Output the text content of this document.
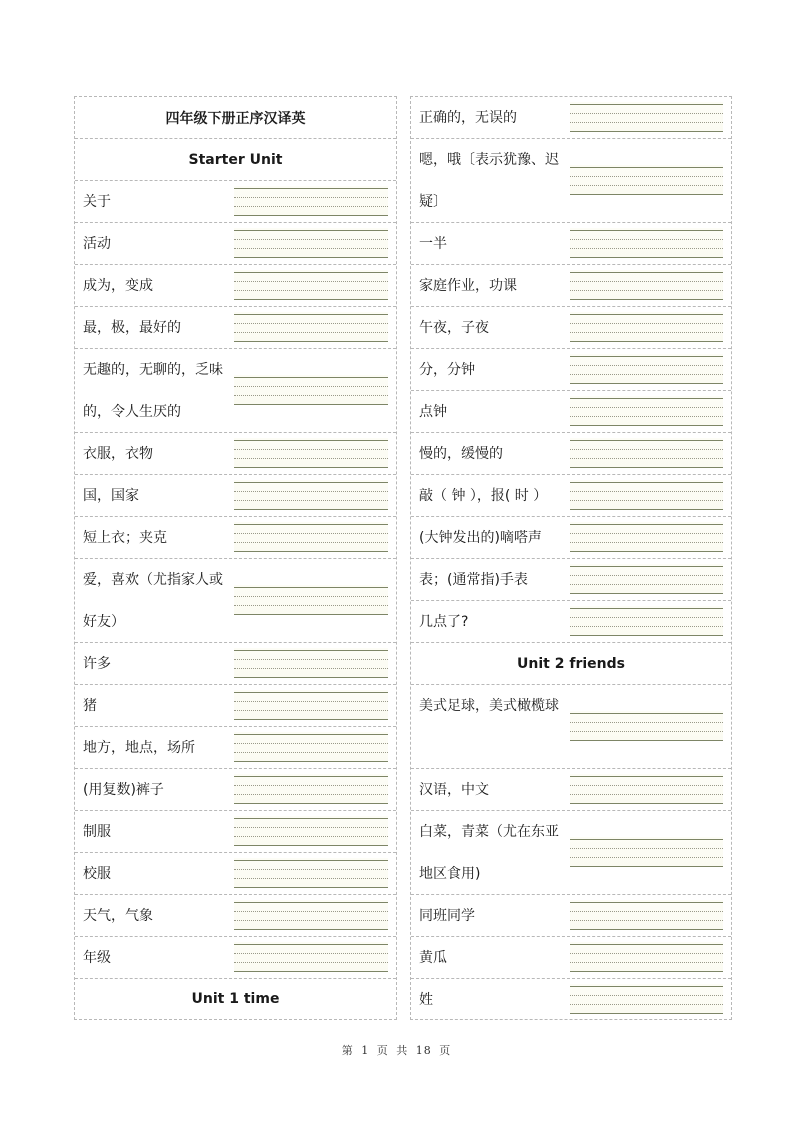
四年级下册正序汉译英
Starter Unit
关于
活动
成为，变成
最，极，最好的
无趣的，无聊的，乏味的，令人生厌的
衣服，衣物
国，国家
短上衣；夹克
爱，喜欢（尤指家人或好友）
许多
猪
地方，地点，场所
(用复数)裤子
制服
校服
天气，气象
年级
Unit 1 time
正确的，无误的
嗯，哦〔表示犹豫、迟疑〕
一半
家庭作业，功课
午夜，子夜
分，分钟
点钟
慢的，缓慢的
敲（ 钟 ），报( 时 ）
(大钟发出的)嘀嗒声
表；(通常指)手表
几点了?
Unit 2 friends
美式足球，美式橄榄球
汉语，中文
白菜，青菜（尤在东亚地区食用)
同班同学
黄瓜
姓
第 1 页 共 18 页
